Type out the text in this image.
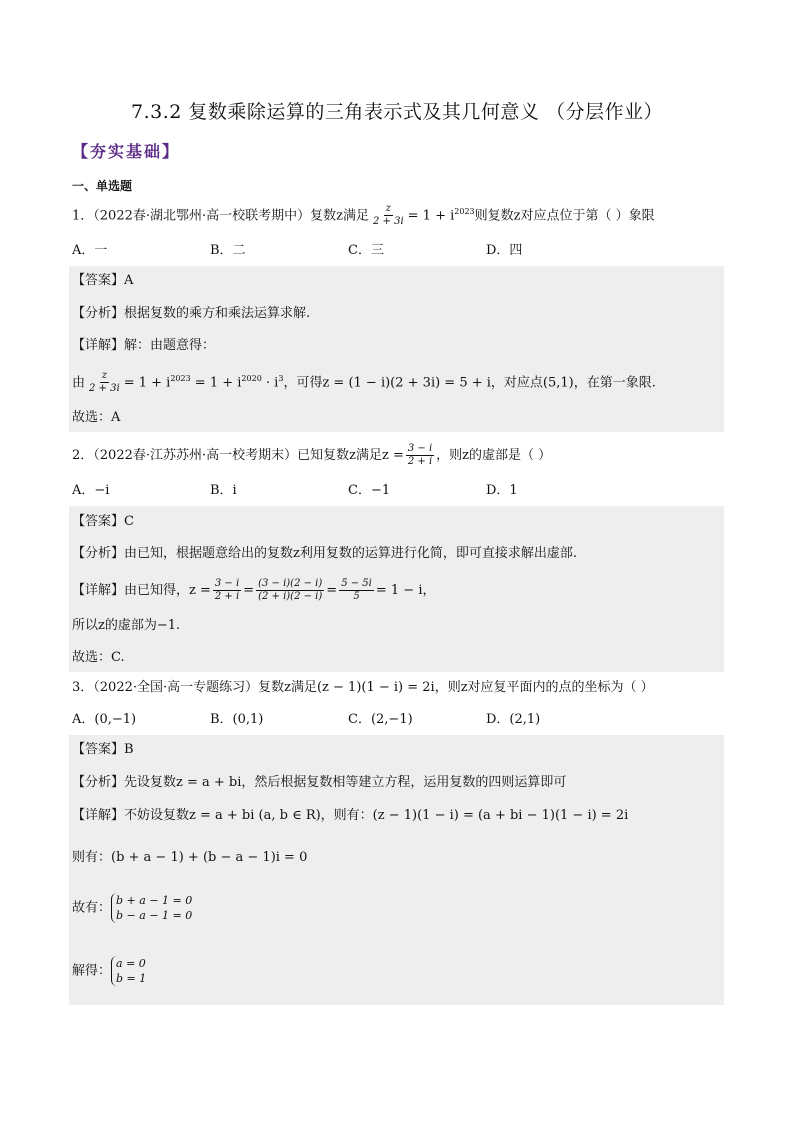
7.3.2 复数乘除运算的三角表示式及其几何意义 （分层作业）
【夯实基础】
一、单选题
1．（2022春·湖北鄂州·高一校联考期中）复数z满足 $\frac{z}{2 + 3i} = 1 + i^{2023}$则复数z对应点位于第（ ）象限
A．一	B．二	C．三	D．四
【答案】A
【分析】根据复数的乘方和乘法运算求解.
【详解】解：由题意得：
由 $\frac{z}{2 + 3i} = 1 + i^{2023} = 1 + i^{2020} \cdot i^3$，可得z = (1 − i)(2 + 3i) = 5 + i，对应点(5,1)，在第一象限.
故选：A
2．（2022春·江苏苏州·高一校考期末）已知复数z满足$z = \frac{3 - i}{2 + i}$ ，则z的虚部是（ ）
A．−i	B．i	C．−1	D．1
【答案】C
【分析】由已知，根据题意给出的复数z利用复数的运算进行化简，即可直接求解出虚部.
【详解】由已知得，$z = \frac{3 - i}{2 + i} = \frac{(3 - i)(2 - i)}{(2 + i)(2 - i)} = \frac{5 - 5i}{5} = 1 - i$，
所以z的虚部为−1.
故选：C.
3．（2022·全国·高一专题练习）复数z满足(z − 1)(1 − i) = 2i，则z对应复平面内的点的坐标为（ ）
A．(0,−1)	B．(0,1)	C．(2,−1)	D．(2,1)
【答案】B
【分析】先设复数z = a + bi，然后根据复数相等建立方程，运用复数的四则运算即可
【详解】不妨设复数z = a + bi (a, b ∈ R)，则有：(z − 1)(1 − i) = (a + bi − 1)(1 − i) = 2i
则有：(b + a − 1) + (b − a − 1)i = 0
故有： b + a − 1 = 0
b − a − 1 = 0
解得： a = 0
b = 1
